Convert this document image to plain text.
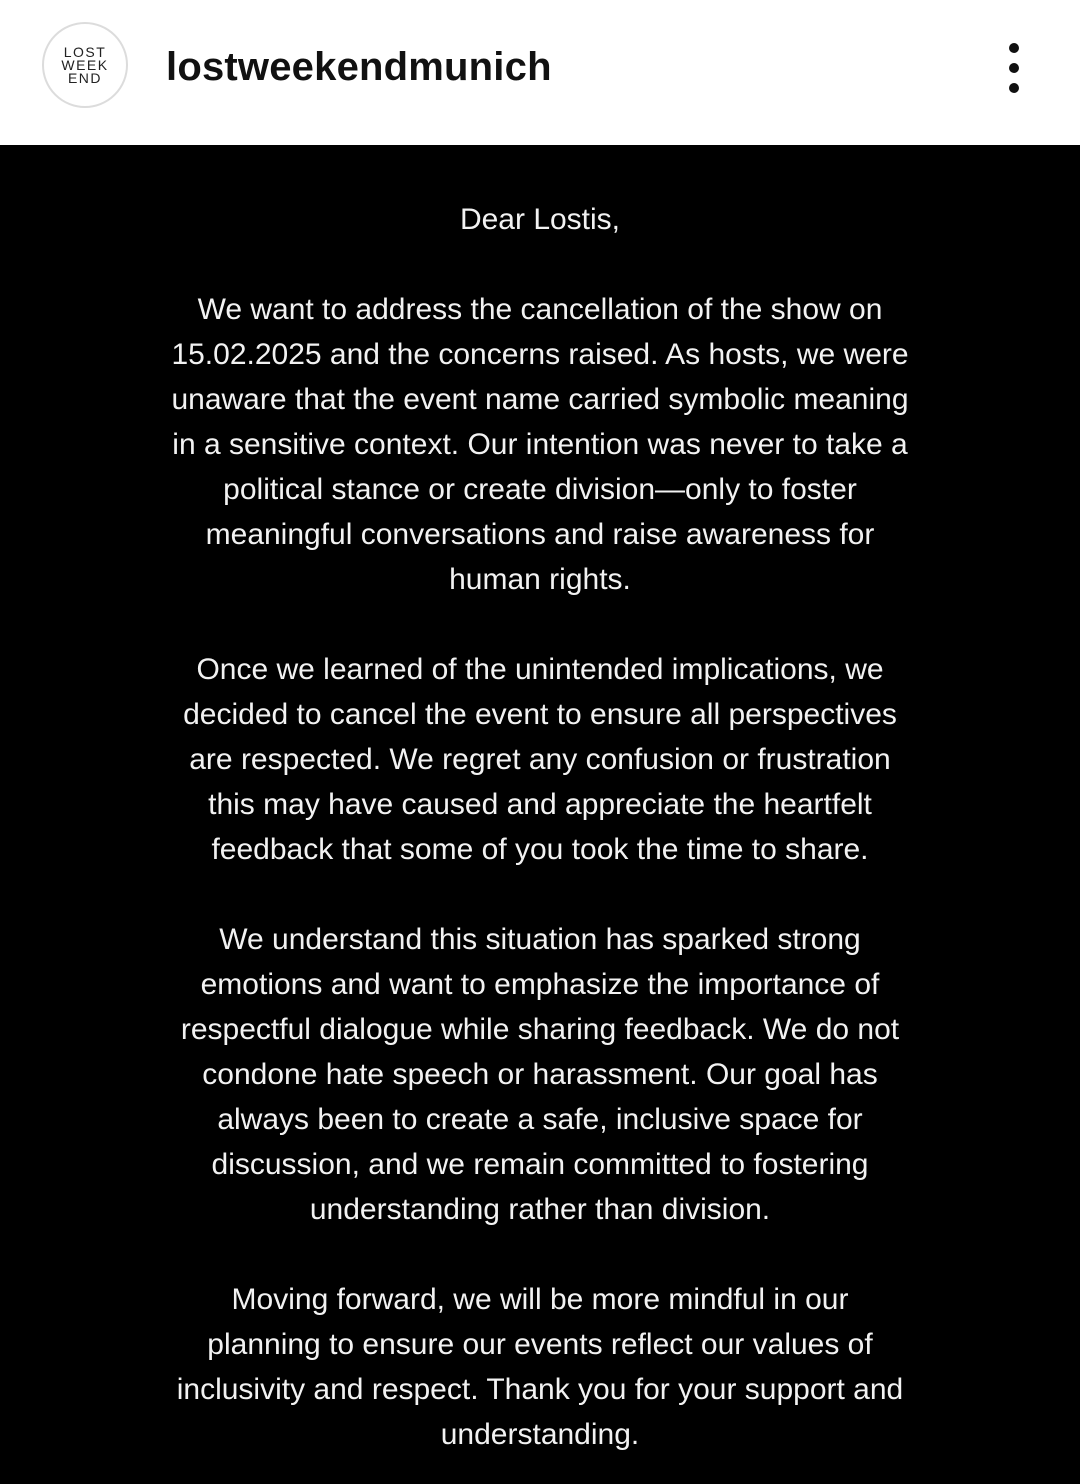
LOST
WEEK
END lostweekendmunich
Dear Lostis,
We want to address the cancellation of the show on
15.02.2025 and the concerns raised. As hosts, we were
unaware that the event name carried symbolic meaning
in a sensitive context. Our intention was never to take a
political stance or create division—only to foster
meaningful conversations and raise awareness for
human rights.
Once we learned of the unintended implications, we
decided to cancel the event to ensure all perspectives
are respected. We regret any confusion or frustration
this may have caused and appreciate the heartfelt
feedback that some of you took the time to share.
We understand this situation has sparked strong
emotions and want to emphasize the importance of
respectful dialogue while sharing feedback. We do not
condone hate speech or harassment. Our goal has
always been to create a safe, inclusive space for
discussion, and we remain committed to fostering
understanding rather than division.
Moving forward, we will be more mindful in our
planning to ensure our events reflect our values of
inclusivity and respect. Thank you for your support and
understanding.
